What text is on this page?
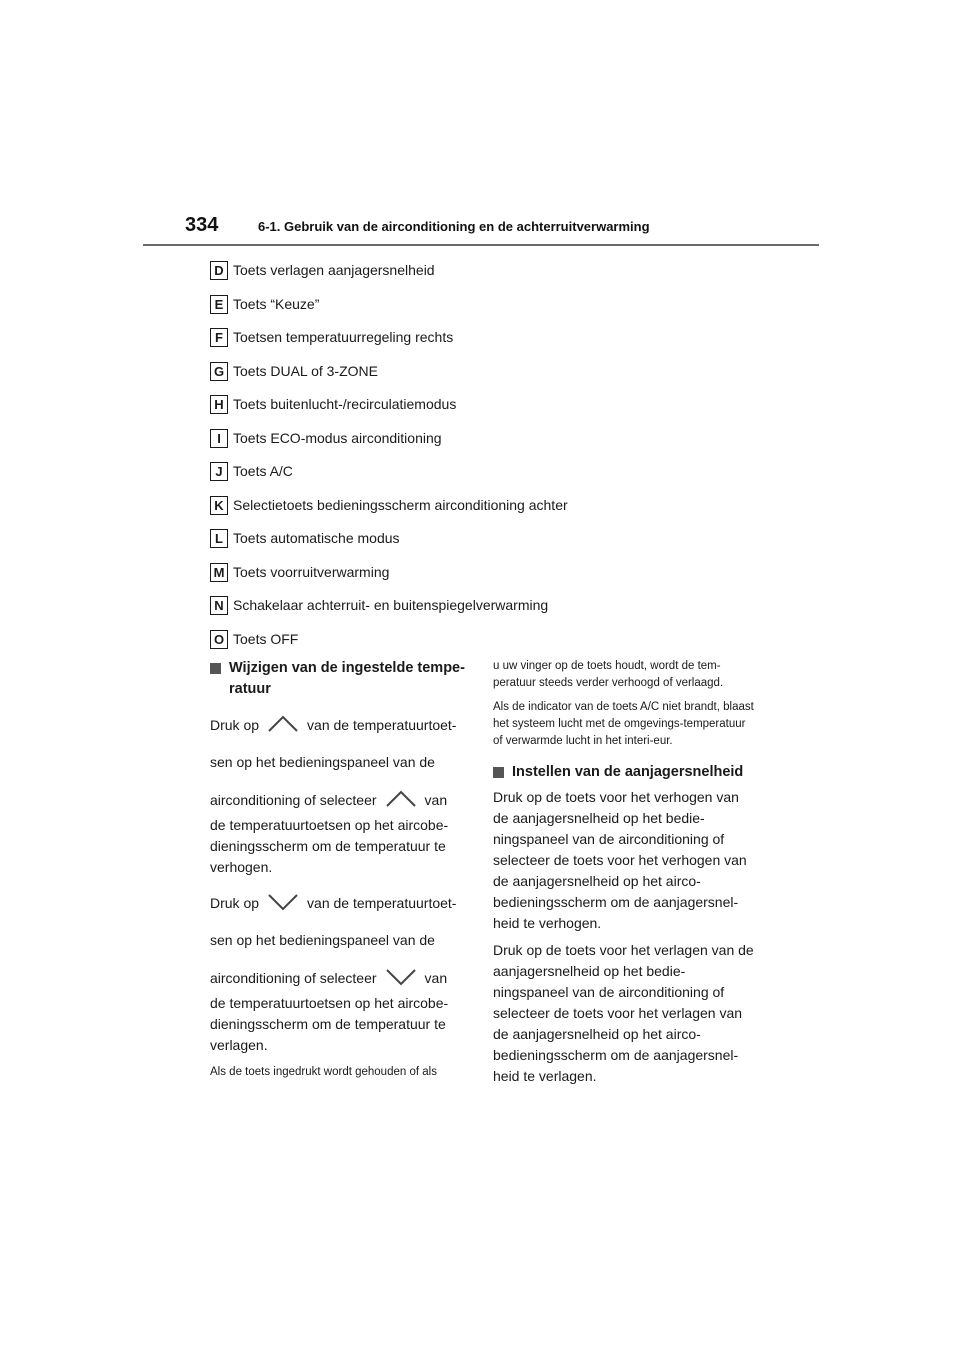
334	6-1. Gebruik van de airconditioning en de achterruitverwarming
D Toets verlagen aanjagersnelheid
E Toets “Keuze”
F Toetsen temperatuurregeling rechts
G Toets DUAL of 3-ZONE
H Toets buitenlucht-/recirculatiemodus
I Toets ECO-modus airconditioning
J Toets A/C
K Selectietoets bedieningsscherm airconditioning achter
L Toets automatische modus
M Toets voorruitverwarming
N Schakelaar achterruit- en buitenspiegelverwarming
O Toets OFF
Wijzigen van de ingestelde tempe-
ratuur
Druk op	van de temperatuurtoet-
sen op het bedieningspaneel van de
airconditioning of selecteer	van

de temperatuurtoetsen op het aircobe-dieningsscherm om de temperatuur te verhogen.

Druk op	van de temperatuurtoet-
sen op het bedieningspaneel van de
airconditioning of selecteer	van

de temperatuurtoetsen op het aircobe-dieningsscherm om de temperatuur te verlagen.

Als de toets ingedrukt wordt gehouden of als

u uw vinger op de toets houdt, wordt de tem-peratuur steeds verder verhoogd of verlaagd.

Als de indicator van de toets A/C niet brandt, blaast het systeem lucht met de omgevings-temperatuur of verwarmde lucht in het interi-eur.

Instellen van de aanjagersnelheid

Druk op de toets voor het verhogen van de aanjagersnelheid op het bedie-ningspaneel van de airconditioning of selecteer de toets voor het verhogen van de aanjagersnelheid op het airco-bedieningsscherm om de aanjagersnel-heid te verhogen.

Druk op de toets voor het verlagen van de aanjagersnelheid op het bedie-ningspaneel van de airconditioning of selecteer de toets voor het verlagen van de aanjagersnelheid op het airco-bedieningsscherm om de aanjagersnel-heid te verlagen.
